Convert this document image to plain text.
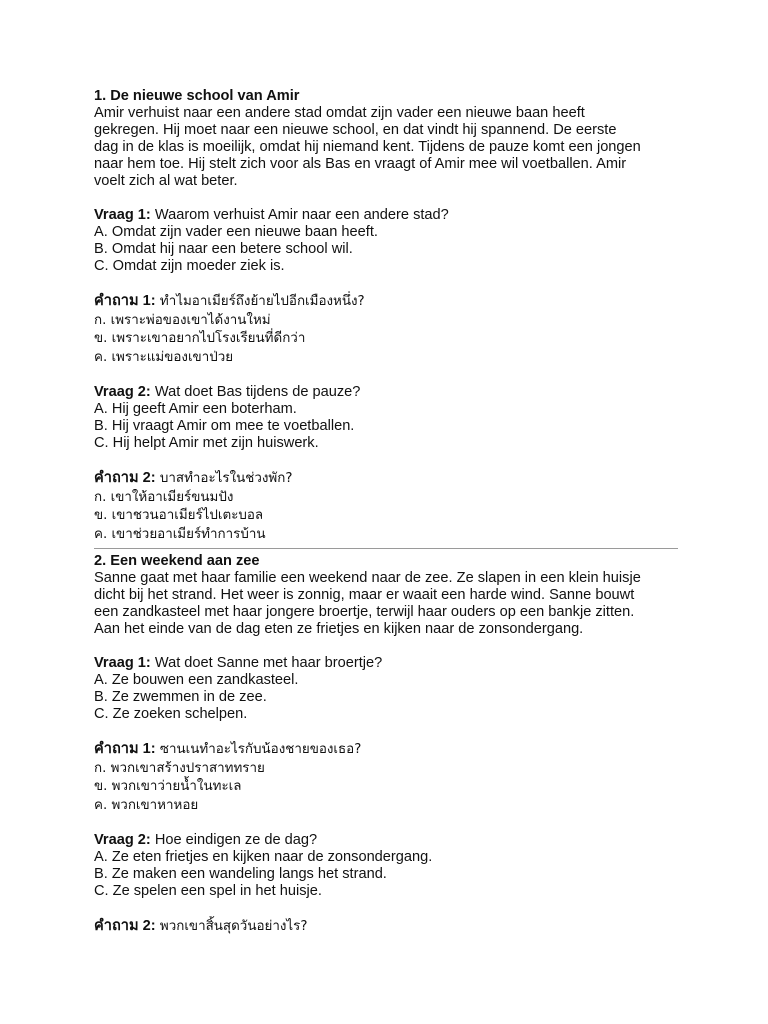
1. De nieuwe school van Amir
Amir verhuist naar een andere stad omdat zijn vader een nieuwe baan heeft
gekregen. Hij moet naar een nieuwe school, en dat vindt hij spannend. De eerste
dag in de klas is moeilijk, omdat hij niemand kent. Tijdens de pauze komt een jongen
naar hem toe. Hij stelt zich voor als Bas en vraagt of Amir mee wil voetballen. Amir
voelt zich al wat beter.
Vraag 1: Waarom verhuist Amir naar een andere stad?
A. Omdat zijn vader een nieuwe baan heeft.
B. Omdat hij naar een betere school wil.
C. Omdat zijn moeder ziek is.
คำถาม 1: ทำไมอาเมียร์ถึงย้ายไปอีกเมืองหนึ่ง?
ก. เพราะพ่อของเขาได้งานใหม่
ข. เพราะเขาอยากไปโรงเรียนที่ดีกว่า
ค. เพราะแม่ของเขาป่วย
Vraag 2: Wat doet Bas tijdens de pauze?
A. Hij geeft Amir een boterham.
B. Hij vraagt Amir om mee te voetballen.
C. Hij helpt Amir met zijn huiswerk.
คำถาม 2: บาสทำอะไรในช่วงพัก?
ก. เขาให้อาเมียร์ขนมปัง
ข. เขาชวนอาเมียร์ไปเตะบอล
ค. เขาช่วยอาเมียร์ทำการบ้าน
2. Een weekend aan zee
Sanne gaat met haar familie een weekend naar de zee. Ze slapen in een klein huisje
dicht bij het strand. Het weer is zonnig, maar er waait een harde wind. Sanne bouwt
een zandkasteel met haar jongere broertje, terwijl haar ouders op een bankje zitten.
Aan het einde van de dag eten ze frietjes en kijken naar de zonsondergang.
Vraag 1: Wat doet Sanne met haar broertje?
A. Ze bouwen een zandkasteel.
B. Ze zwemmen in de zee.
C. Ze zoeken schelpen.
คำถาม 1: ซานเนทำอะไรกับน้องชายของเธอ?
ก. พวกเขาสร้างปราสาททราย
ข. พวกเขาว่ายน้ำในทะเล
ค. พวกเขาหาหอย
Vraag 2: Hoe eindigen ze de dag?
A. Ze eten frietjes en kijken naar de zonsondergang.
B. Ze maken een wandeling langs het strand.
C. Ze spelen een spel in het huisje.
คำถาม 2: พวกเขาสิ้นสุดวันอย่างไร?
